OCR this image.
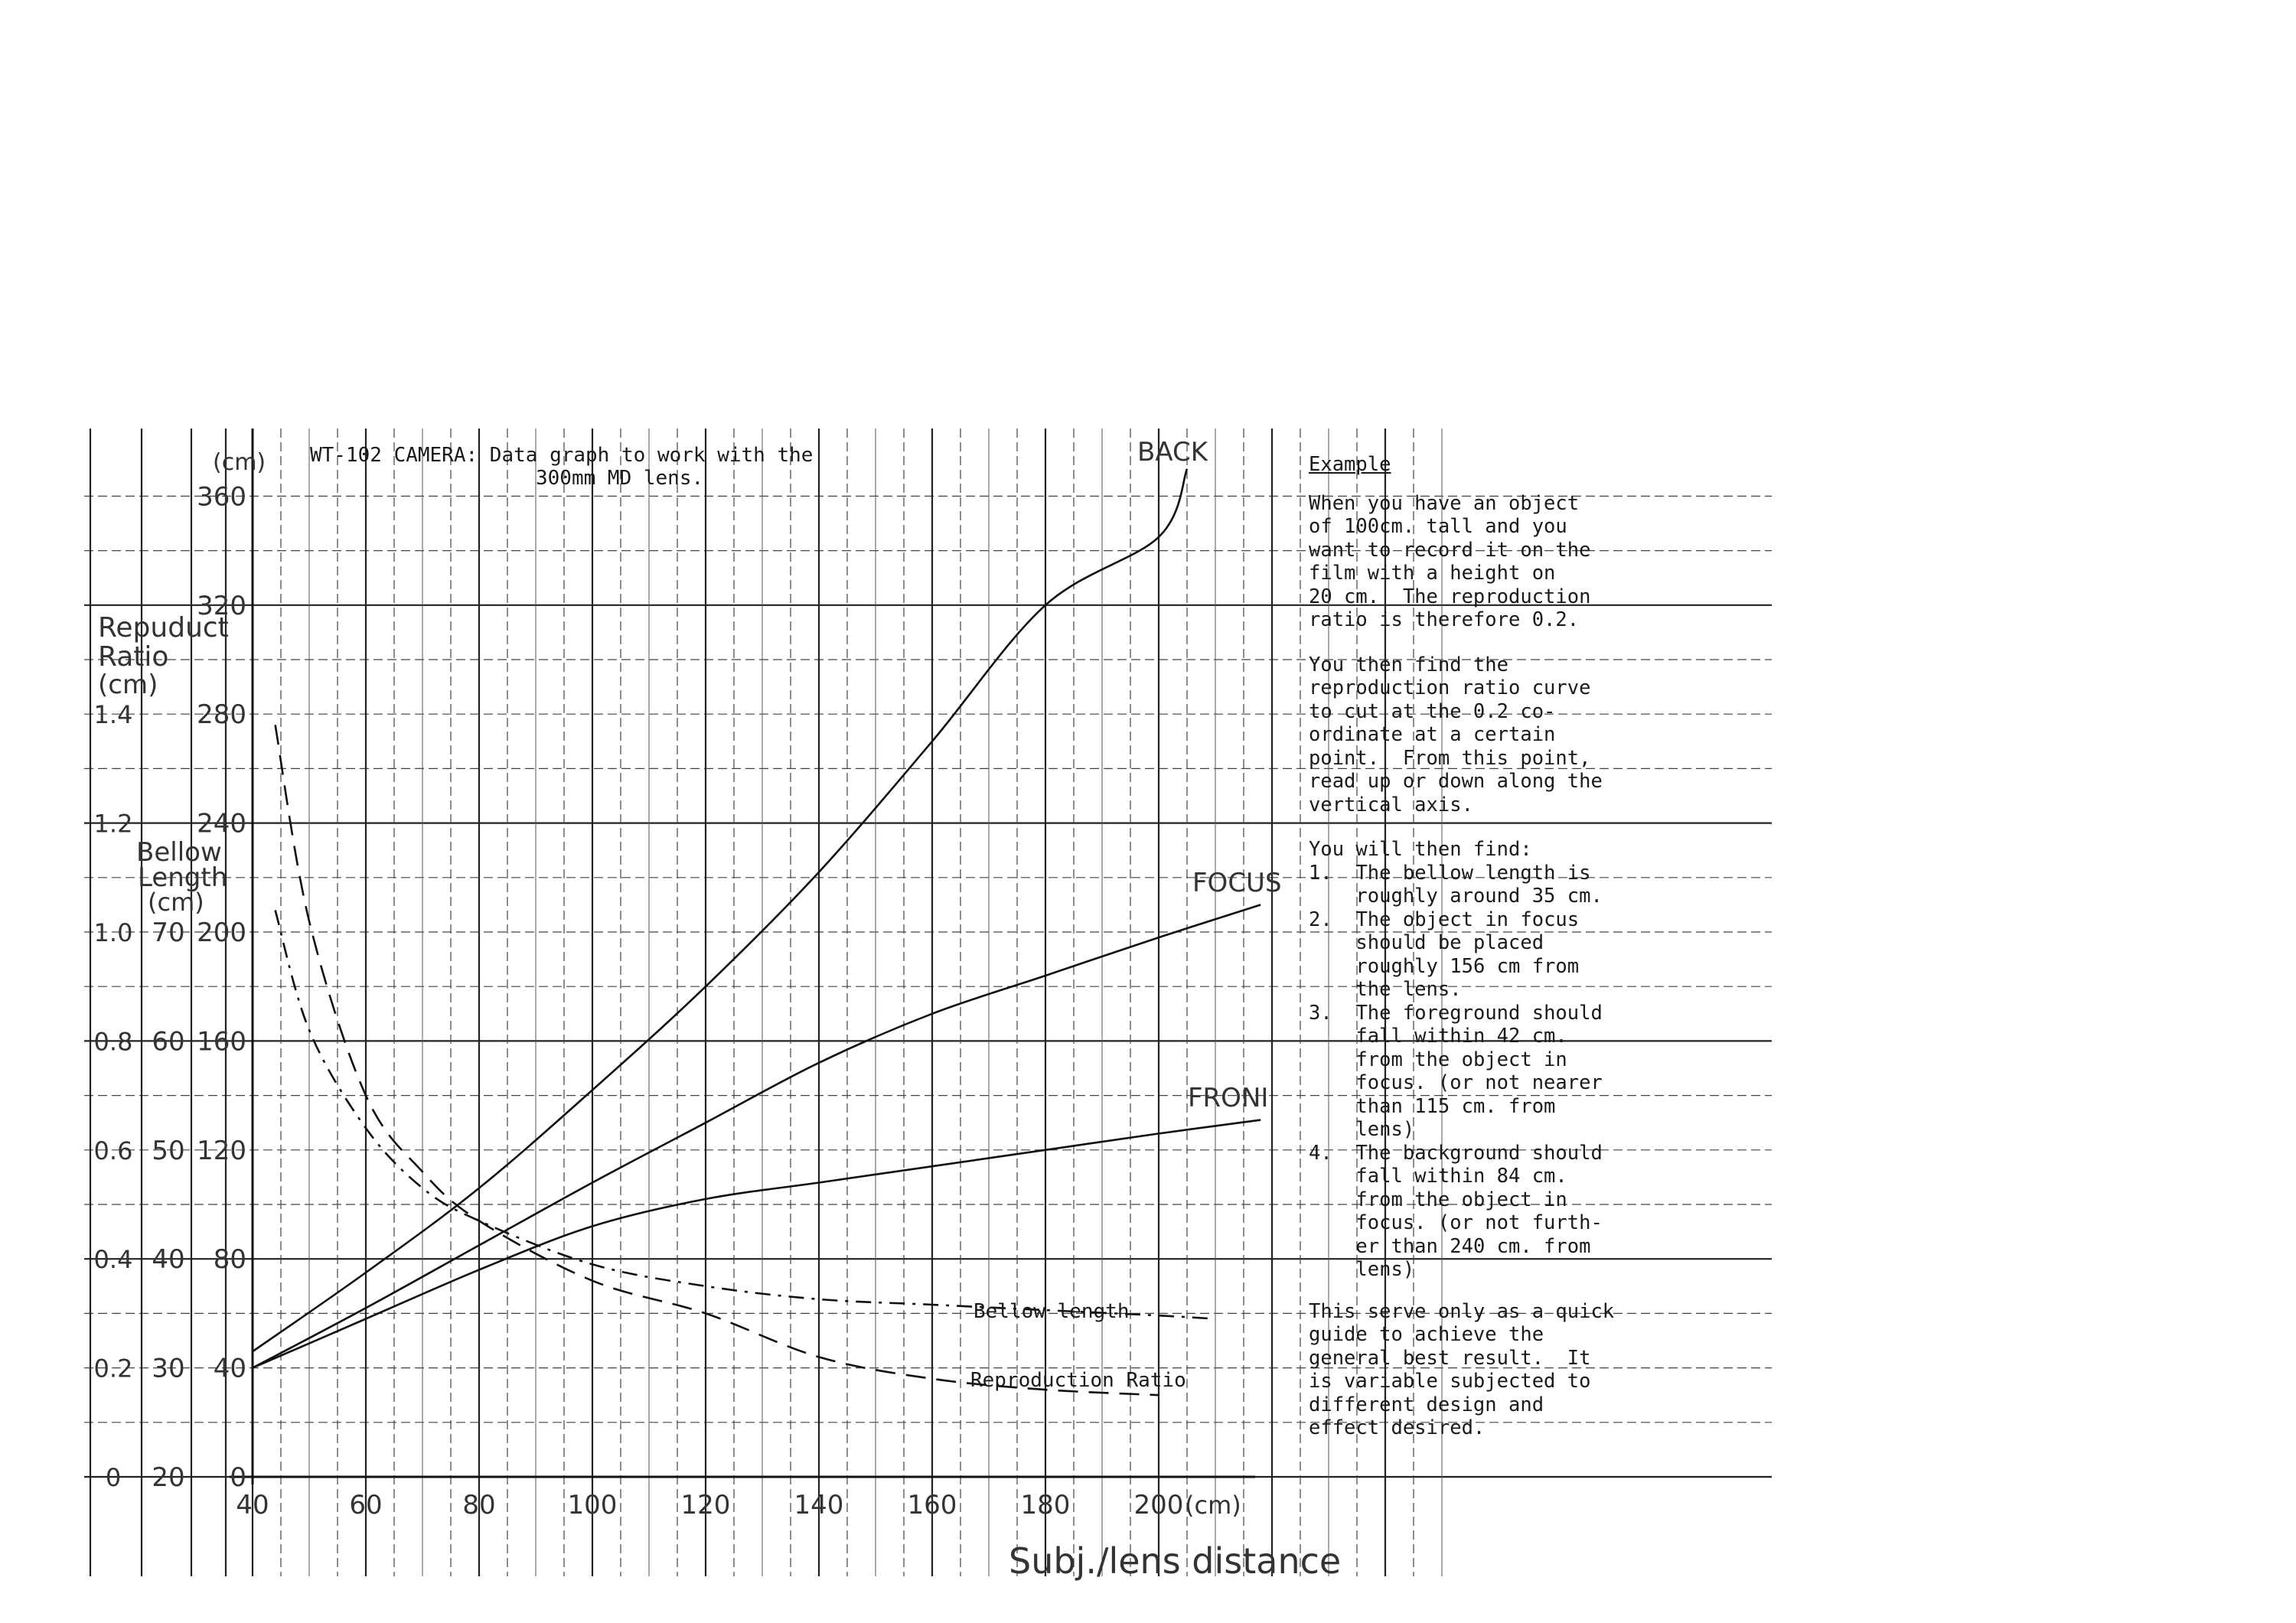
0
40
80
120
160
200
240
280
320
360
20
30
40
50
60
70
0
0.2
0.4
0.6
0.8
1.0
1.2
1.4
40	60	80	100 120 140 160 180 200
WT-102 CAMERA: Data graph to work with the
300mm MD lens.
(cm)
Repuduct
Ratio
(cm)
Bellow
Length
(cm)
BACK
FOCUS
FRONI
Bellow length
Reproduction Ratio
(cm)
Subj./lens distance

Example

When you have an object

of 100cm. tall and you

want to record it on the

film with a height on

20 cm.  The reproduction

ratio is therefore 0.2.

You then find the

reproduction ratio curve

to cut at the 0.2 co-

ordinate at a certain

point.  From this point,

read up or down along the

vertical axis.

You will then find:

1. The bellow length is

roughly around 35 cm.

2. The object in focus

should be placed

roughly 156 cm from

the lens.

3. The foreground should

fall within 42 cm.

from the object in

focus. (or not nearer

than 115 cm. from

lens)

4. The background should

fall within 84 cm.

from the object in

focus. (or not furth-

er than 240 cm. from

lens)

This serve only as a quick

guide to achieve the

general best result.  It

is variable subjected to

different design and

effect desired.
